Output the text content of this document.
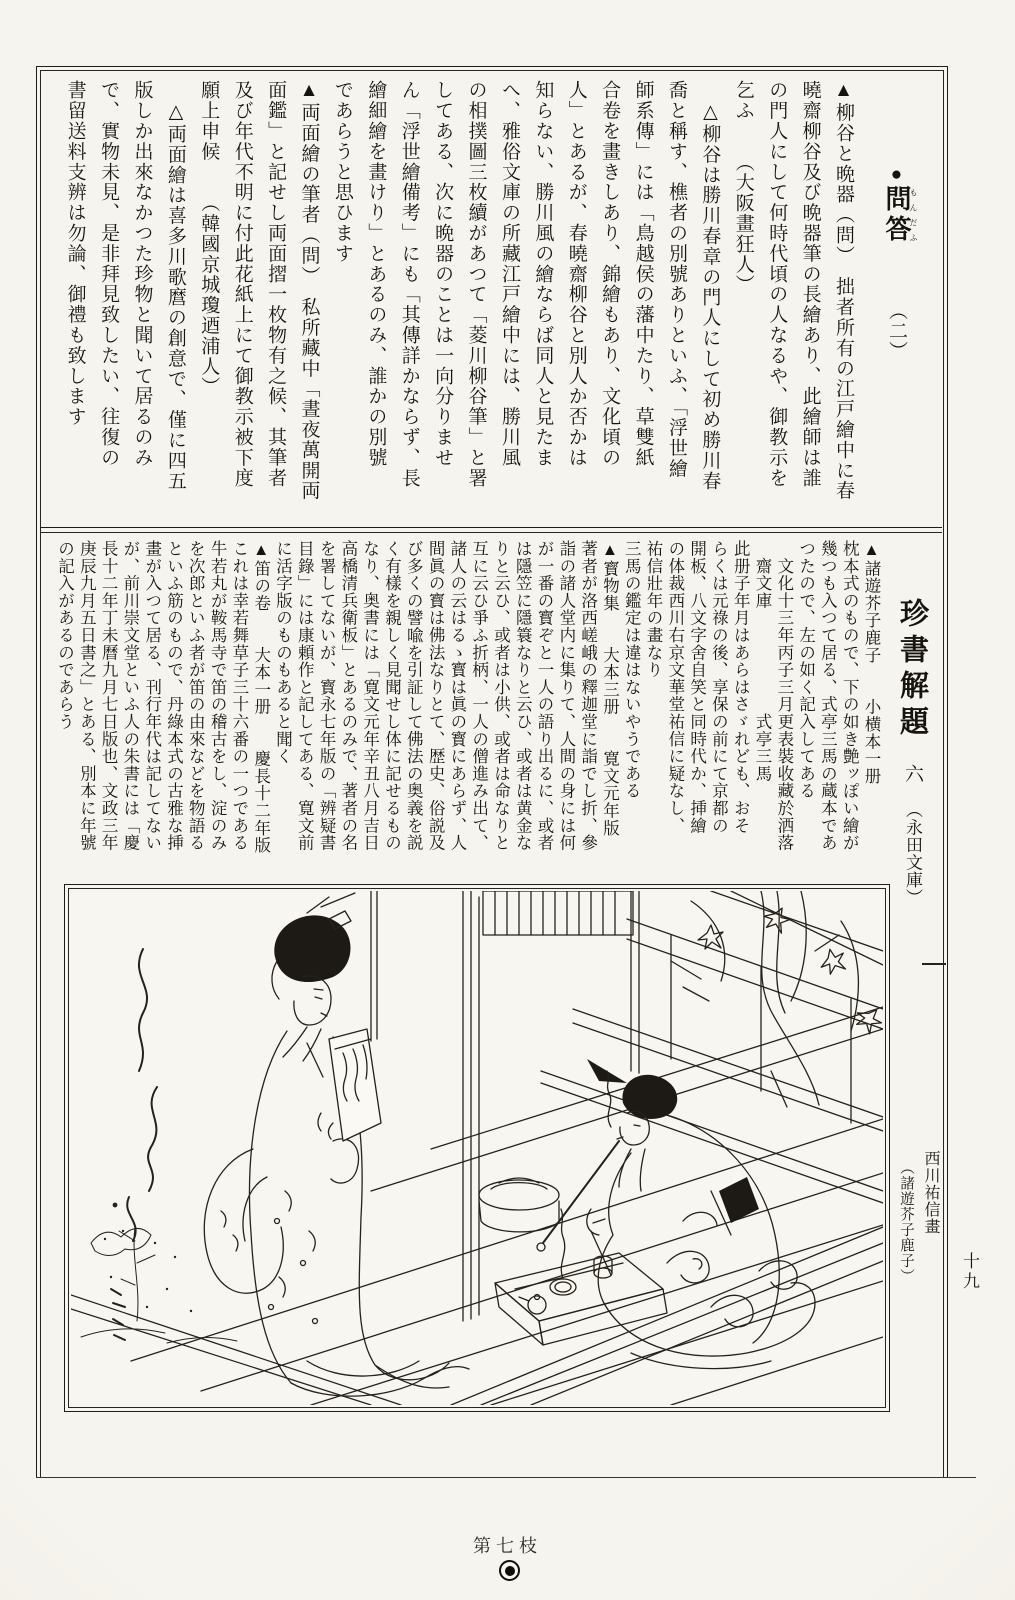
●問答もんだふ（二）
▲柳谷と晩器（問）　拙者所有の江戸繪中に春
曉齋柳谷及び晩器筆の長繪あり、此繪師は誰
の門人にして何時代頃の人なるや、御教示を
乞ふ　　（大阪畫狂人）
　△柳谷は勝川春章の門人にして初め勝川春
喬と稱す、樵者の別號ありといふ、「浮世繪
師系傳」には「鳥越侯の藩中たり、草雙紙
合卷を畫きしあり、錦繪もあり、文化頃の
人」とあるが、春曉齋柳谷と別人か否かは
知らない、勝川風の繪ならば同人と見たま
へ、雅俗文庫の所藏江戸繪中には、勝川風
の相撲圖三枚續があつて「菱川柳谷筆」と署
してある、次に晩器のことは一向分りませ
ん「浮世繪備考」にも「其傳詳かならず、長
繪細繪を畫けり」とあるのみ、誰かの別號
であらうと思ひます
▲両面繪の筆者（問）　私所藏中「晝夜萬開両
面鑑」と記せし両面摺一枚物有之候、其筆者
及び年代不明に付此花紙上にて御教示被下度
願上申候　　（韓國京城瓊迺浦人）
　△両面繪は喜多川歌麿の創意で、僅に四五
版しか出來なかつた珍物と聞いて居るのみ
で、實物未見、是非拜見致したい、往復の
書留送料支辨は勿論、御禮も致します
珍書解題六（永田文庫）
▲諸遊芥子鹿子　　小横本一册
枕本式のもので、下の如き艶ッぽい繪が
幾つも入つて居る、式亭三馬の蔵本であ
つたので、左の如く記入してある
　文化十三年丙子三月更表裝收藏於洒落
　齋文庫　　　　　　式亭三馬
此册子年月はあらはさゞれども、おそ
らくは元祿の後、享保の前にて京都の
開板、八文字舍自笑と同時代か、挿繪
の体裁西川右京文華堂祐信に疑なし、
祐信壯年の畫なり
三馬の鑑定は違はないやうである
▲寳物集　　大本三册　　寛文元年版
著者が洛西嵯峨の釋迦堂に詣でし折、參
詣の諸人堂内に集りて、人間の身には何
が一番の寳ぞと一人の語り出るに、或者
は隱笠に隱簑なりと云ひ、或者は黄金な
りと云ひ、或者は小供、或者は命なりと
互に云ひ爭ふ折柄、一人の僧進み出て、
諸人の云はるゝ寳は眞の寳にあらず、人
間眞の寳は佛法なりとて、歴史、俗説及
び多くの譬喩を引証して佛法の奥義を説
く有樣を親しく見聞せし体に記せるもの
なり、奥書には「寛文元年辛丑八月吉日
高橋清兵衛板」とあるのみで、著者の名
を署してないが、寳永七年版の「辨疑書
目錄」には康頼作と記してある、寛文前
に活字版のものもあると聞く
▲笛の卷　　大本一册　　慶長十二年版
これは幸若舞草子三十六番の一つである
牛若丸が鞍馬寺で笛の稽古をし、淀のみ
を次郎といふ者が笛の由來などを物語る
といふ筋のもので、丹綠本式の古雅な挿
畫が入つて居る、刊行年代は記してない
が、前川崇文堂といふ人の朱書には「慶
長十二年丁未曆九月七日版也、文政三年
庚辰九月五日書之」とある、別本に年號
の記入があるのであらう
西川祐信畫
（諸遊芥子鹿子）	十九
第七枝
